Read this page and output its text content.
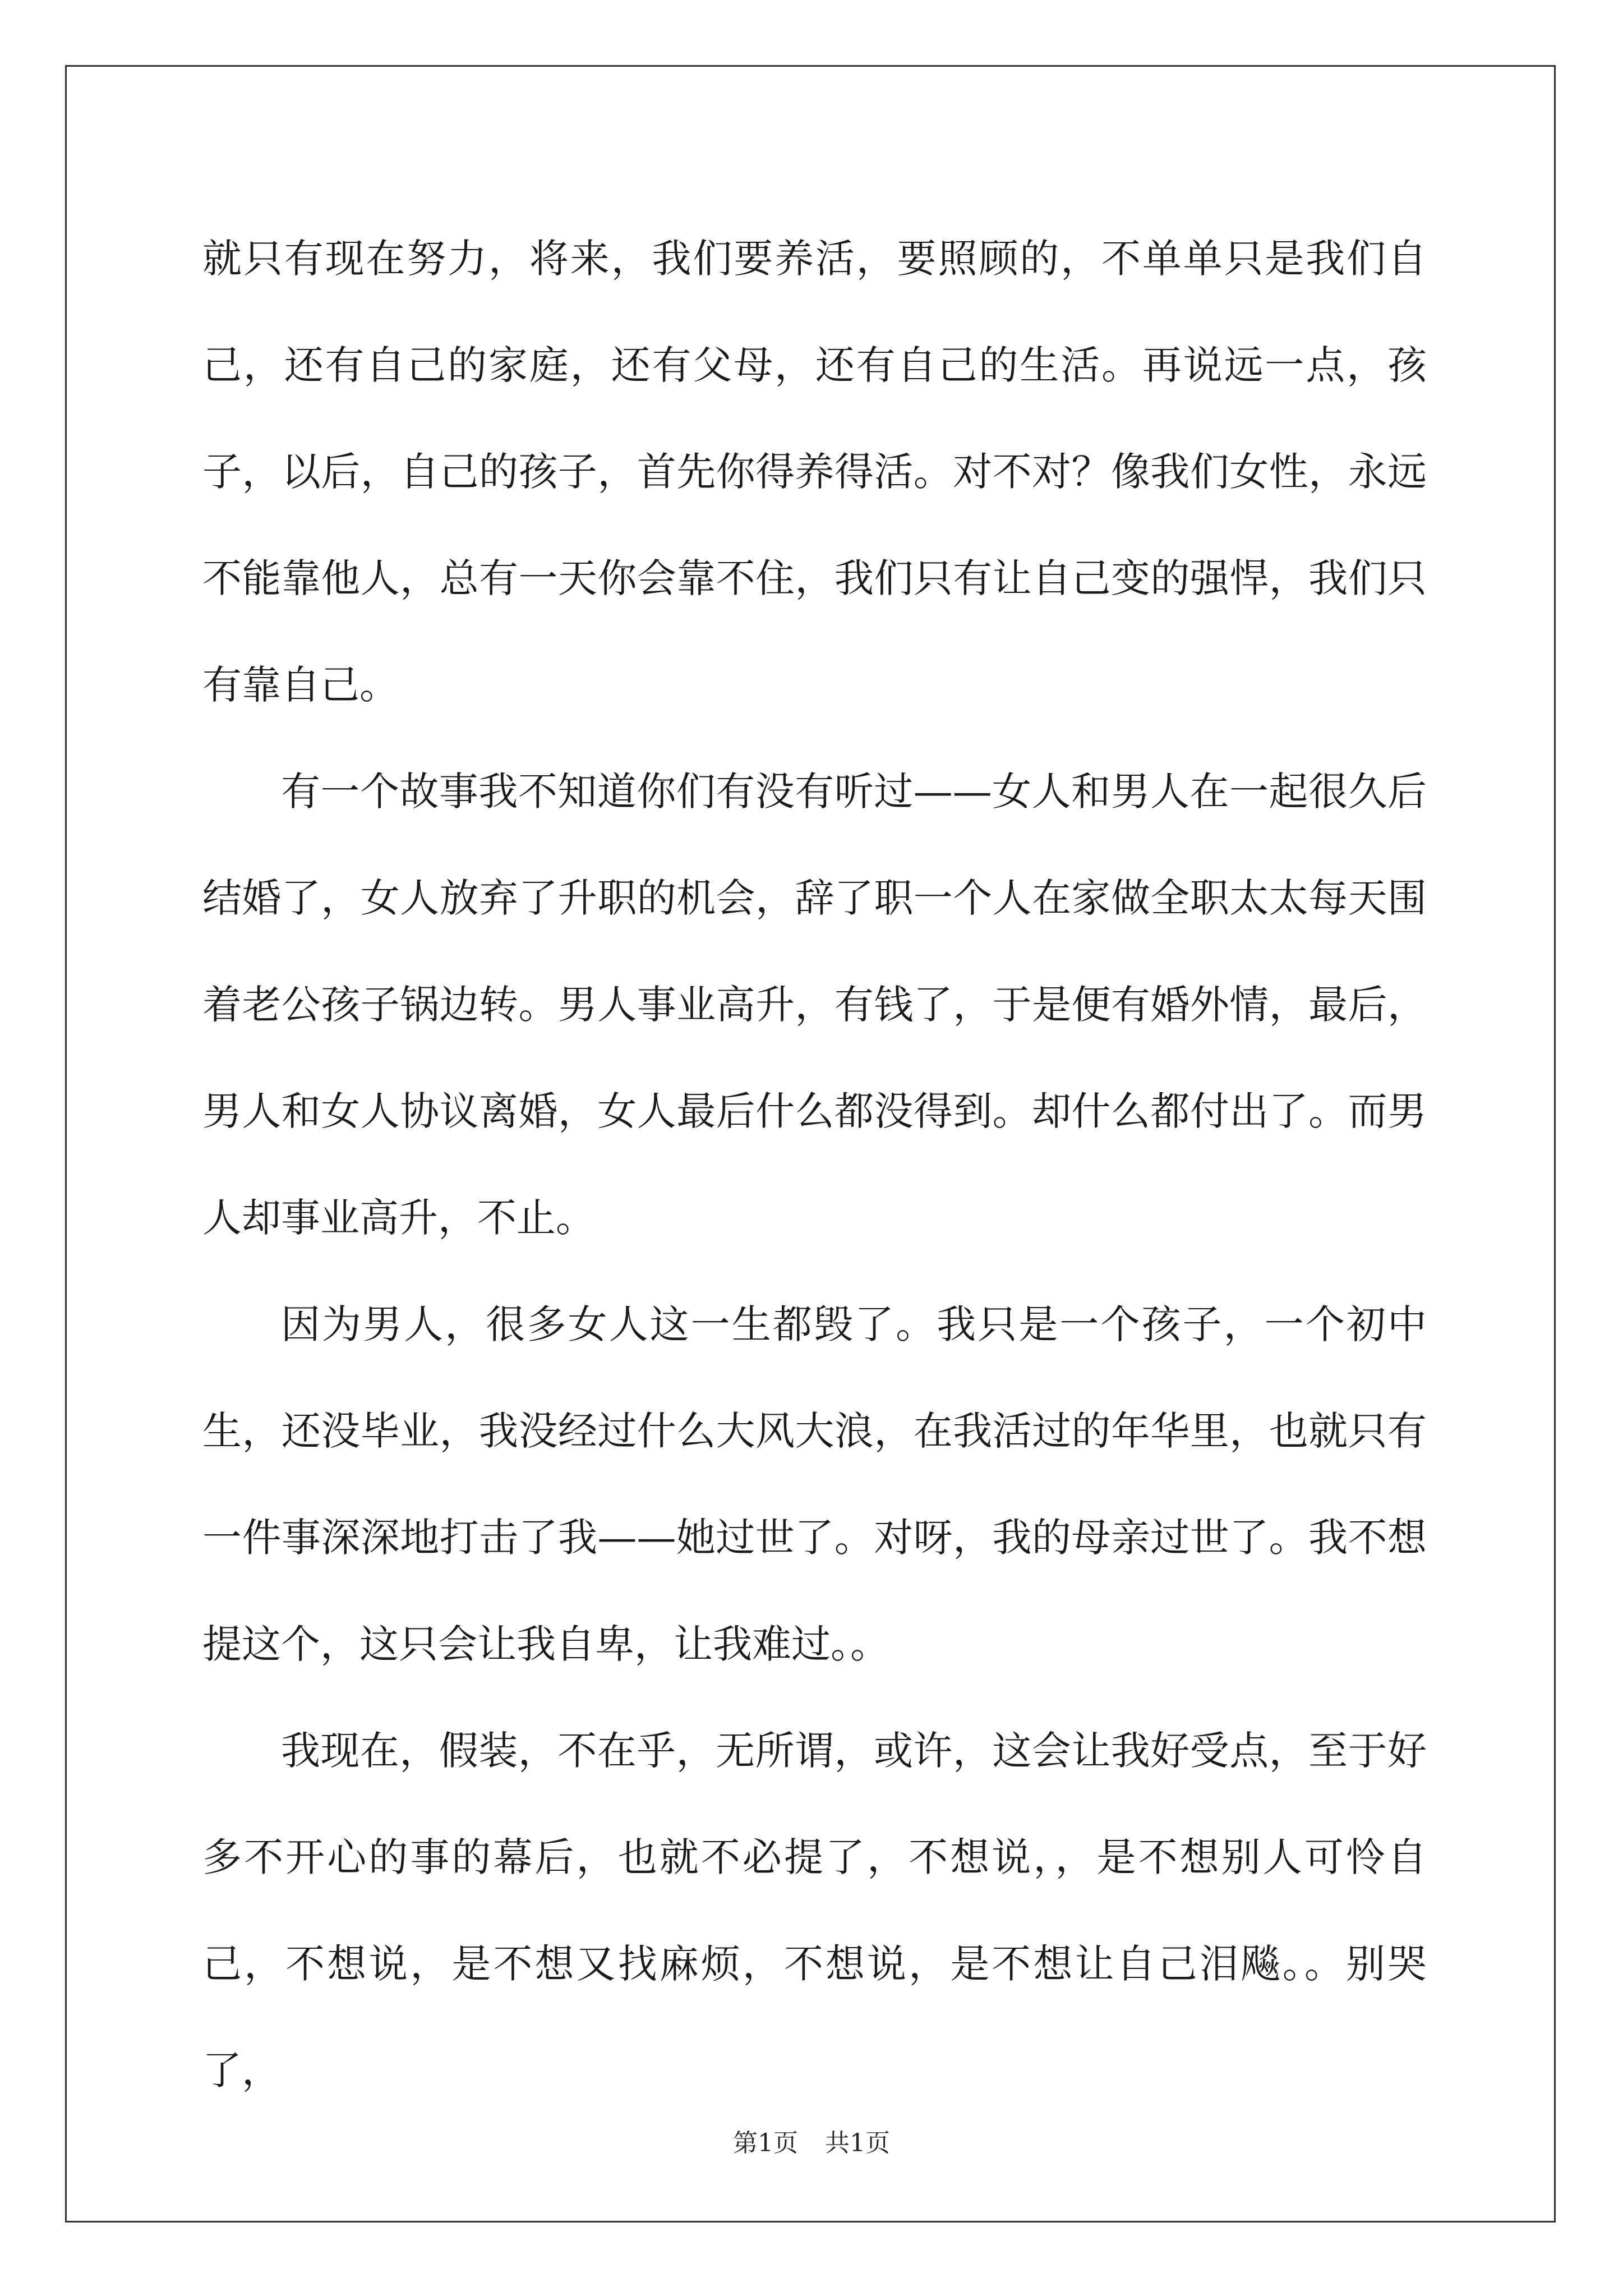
就只有现在努力，将来，我们要养活，要照顾的，不单单只是我们自己，还有自己的家庭，还有父母，还有自己的生活。再说远一点，孩子，以后，自己的孩子，首先你得养得活。对不对？像我们女性，永远不能靠他人，总有一天你会靠不住，我们只有让自己变的强悍，我们只有靠自己。

有一个故事我不知道你们有没有听过——女人和男人在一起很久后结婚了，女人放弃了升职的机会，辞了职一个人在家做全职太太每天围着老公孩子锅边转。男人事业高升，有钱了，于是便有婚外情，最后，男人和女人协议离婚，女人最后什么都没得到。却什么都付出了。而男人却事业高升，不止。

因为男人，很多女人这一生都毁了。我只是一个孩子，一个初中生，还没毕业，我没经过什么大风大浪，在我活过的年华里，也就只有一件事深深地打击了我——她过世了。对呀，我的母亲过世了。我不想提这个，这只会让我自卑，让我难过。。

我现在，假装，不在乎，无所谓，或许，这会让我好受点，至于好多不开心的事的幕后，也就不必提了，不想说，，是不想别人可怜自己，不想说，是不想又找麻烦，不想说，是不想让自己泪飚。。别哭了，

第1页 共1页
